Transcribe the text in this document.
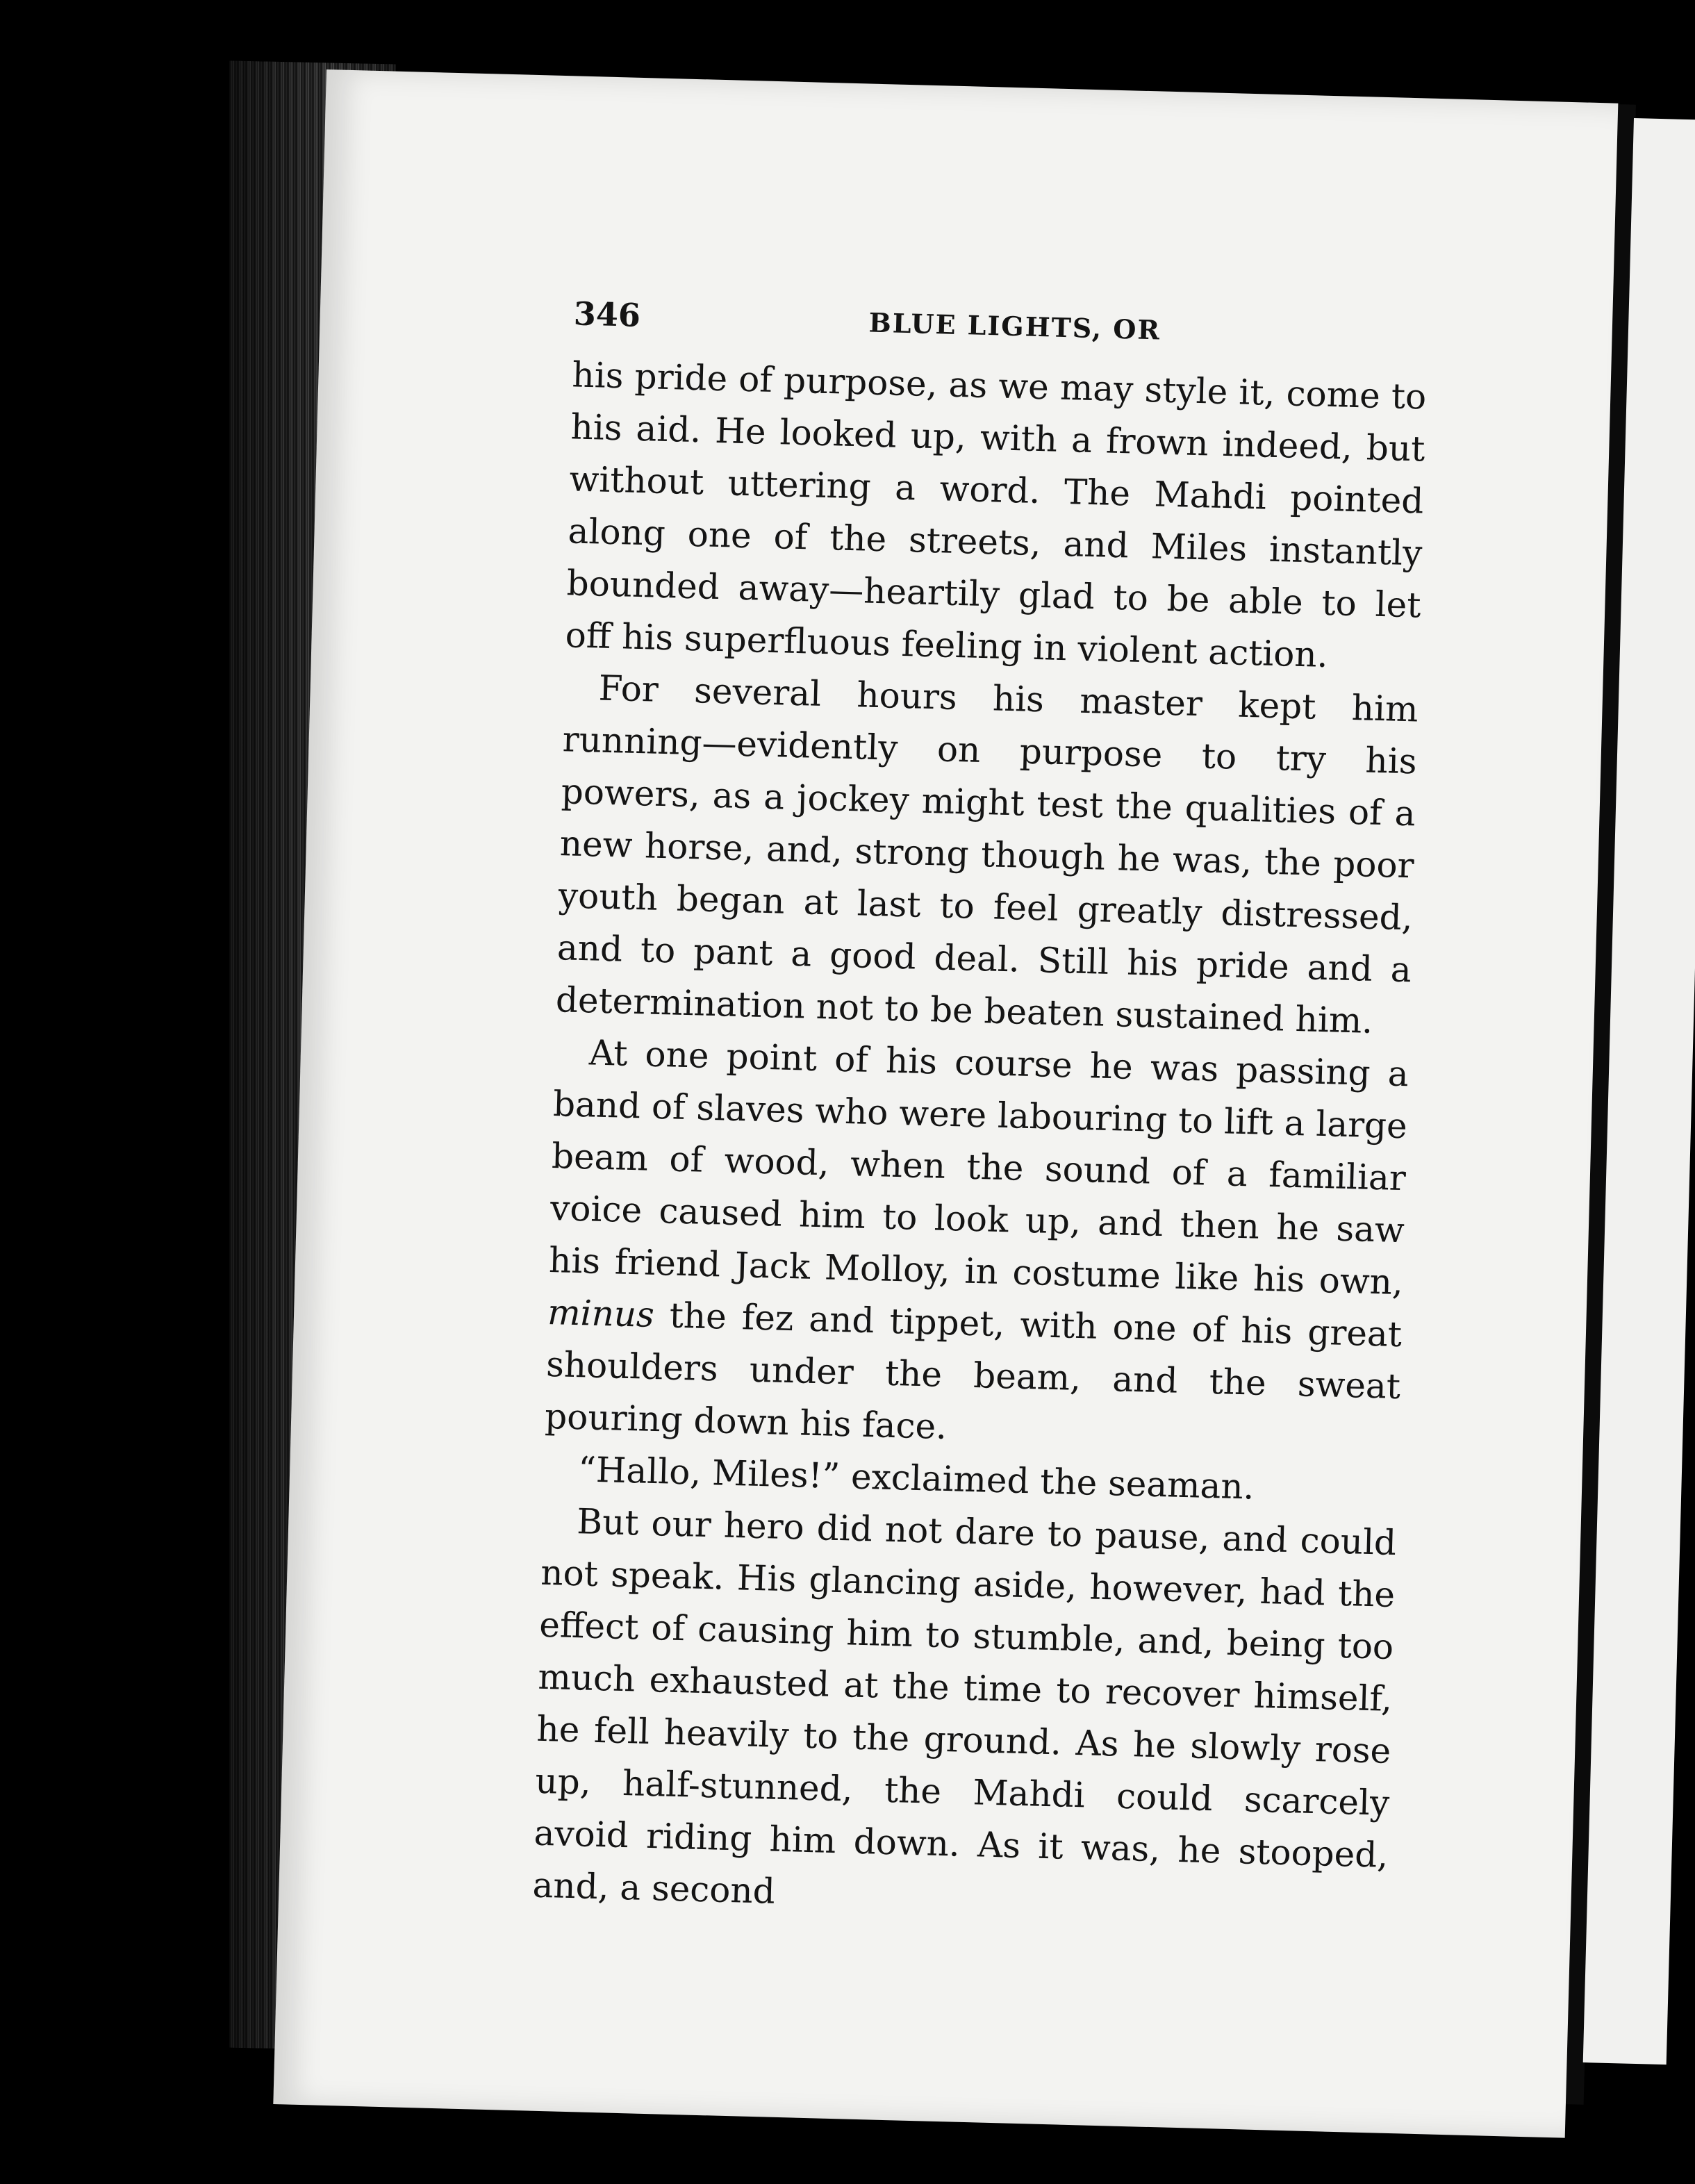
346	BLUE LIGHTS, OR

his pride of purpose, as we may style it, come to his aid. He looked up, with a frown indeed, but without uttering a word. The Mahdi pointed along one of the streets, and Miles instantly bounded away—heartily glad to be able to let off his superfluous feeling in violent action.

For several hours his master kept him running—evidently on purpose to try his powers, as a jockey might test the qualities of a new horse, and, strong though he was, the poor youth began at last to feel greatly distressed, and to pant a good deal. Still his pride and a determination not to be beaten sustained him.

At one point of his course he was passing a band of slaves who were labouring to lift a large beam of wood, when the sound of a familiar voice caused him to look up, and then he saw his friend Jack Molloy, in costume like his own, minus the fez and tippet, with one of his great shoulders under the beam, and the sweat pouring down his face.

“Hallo, Miles!” exclaimed the seaman.

But our hero did not dare to pause, and could not speak. His glancing aside, however, had the effect of causing him to stumble, and, being too much exhausted at the time to recover himself, he fell heavily to the ground. As he slowly rose up, half-stunned, the Mahdi could scarcely avoid riding him down. As it was, he stooped, and, a second
